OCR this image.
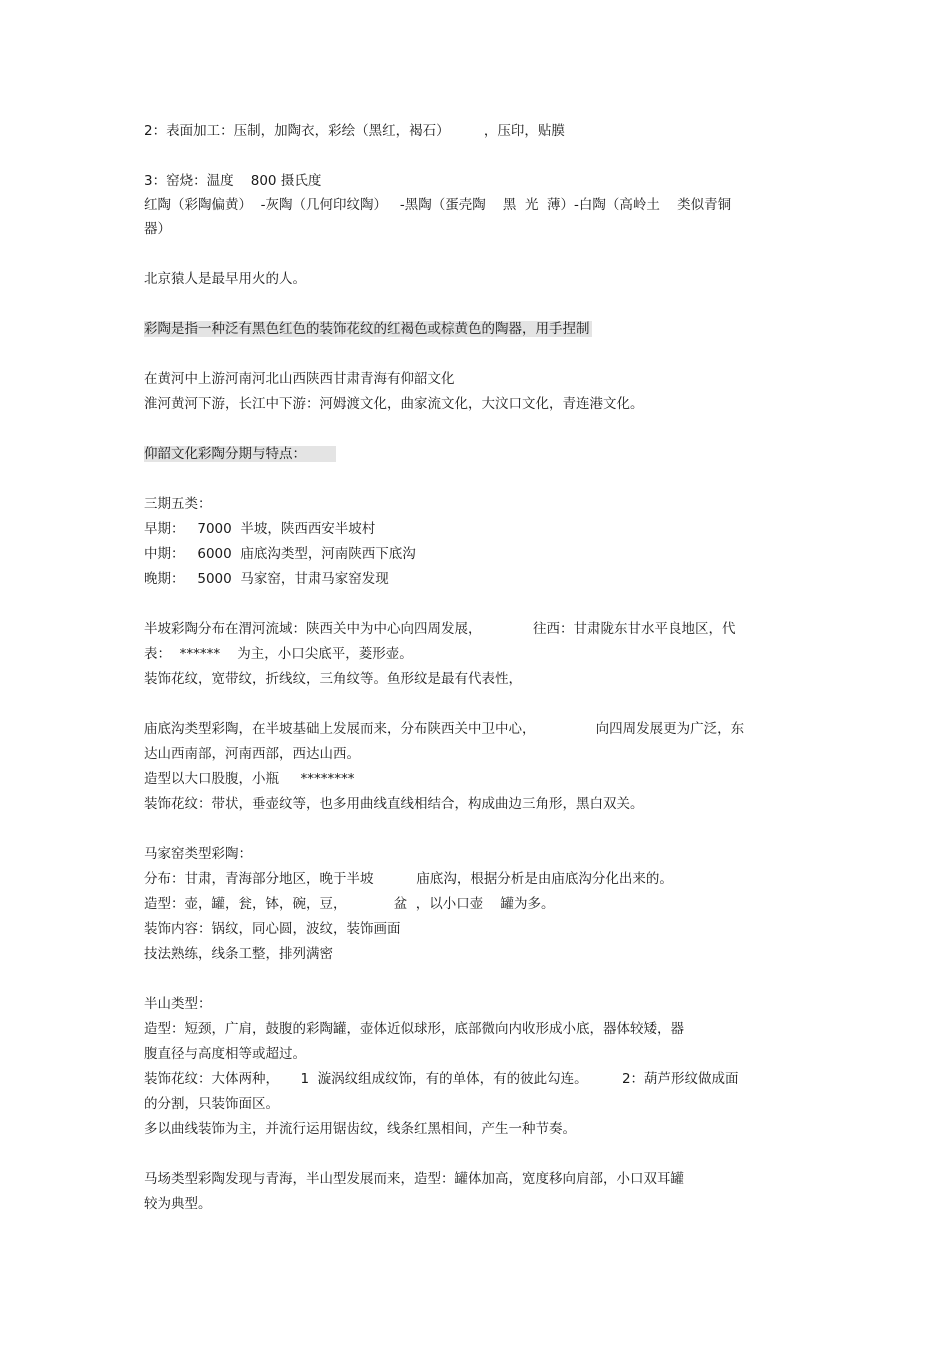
2：表面加工：压制，加陶衣，彩绘（黑红，褐石）        ，压印，贴膜
3：窑烧：温度    800 摄氏度
红陶（彩陶偏黄）  -灰陶（几何印纹陶）   -黑陶（蛋壳陶    黑  光  薄）-白陶（高岭土    类似青铜
器）
北京猿人是最早用火的人。
彩陶是指一种泛有黑色红色的装饰花纹的红褐色或棕黄色的陶器，用手捏制
在黄河中上游河南河北山西陕西甘肃青海有仰韶文化
淮河黄河下游，长江中下游：河姆渡文化，曲家流文化，大汶口文化，青连港文化。
仰韶文化彩陶分期与特点：
三期五类：
早期：   7000  半坡，陕西西安半坡村
中期：   6000  庙底沟类型，河南陕西下底沟
晚期：   5000  马家窑，甘肃马家窑发现
半坡彩陶分布在渭河流域：陕西关中为中心向四周发展，            往西：甘肃陇东甘水平良地区，代
表：  ******    为主，小口尖底平，菱形壶。
装饰花纹，宽带纹，折线纹，三角纹等。鱼形纹是最有代表性，
庙底沟类型彩陶，在半坡基础上发展而来，分布陕西关中卫中心，              向四周发展更为广泛，东
达山西南部，河南西部，西达山西。
造型以大口股腹，小瓶     ********
装饰花纹：带状，垂壶纹等，也多用曲线直线相结合，构成曲边三角形，黑白双关。
马家窑类型彩陶：
分布：甘肃，青海部分地区，晚于半坡          庙底沟，根据分析是由庙底沟分化出来的。
造型：壶，罐，瓮，钵，碗，豆，           盆  ，以小口壶    罐为多。
装饰内容：锅纹，同心圆，波纹，装饰画面
技法熟练，线条工整，排列满密
半山类型：
造型：短颈，广肩，鼓腹的彩陶罐，壶体近似球形，底部微向内收形成小底，器体较矮，器
腹直径与高度相等或超过。
装饰花纹：大体两种，     1  漩涡纹组成纹饰，有的单体，有的彼此勾连。        2：葫芦形纹做成面
的分割，只装饰面区。
多以曲线装饰为主，并流行运用锯齿纹，线条红黑相间，产生一种节奏。
马场类型彩陶发现与青海，半山型发展而来，造型：罐体加高，宽度移向肩部，小口双耳罐
较为典型。
